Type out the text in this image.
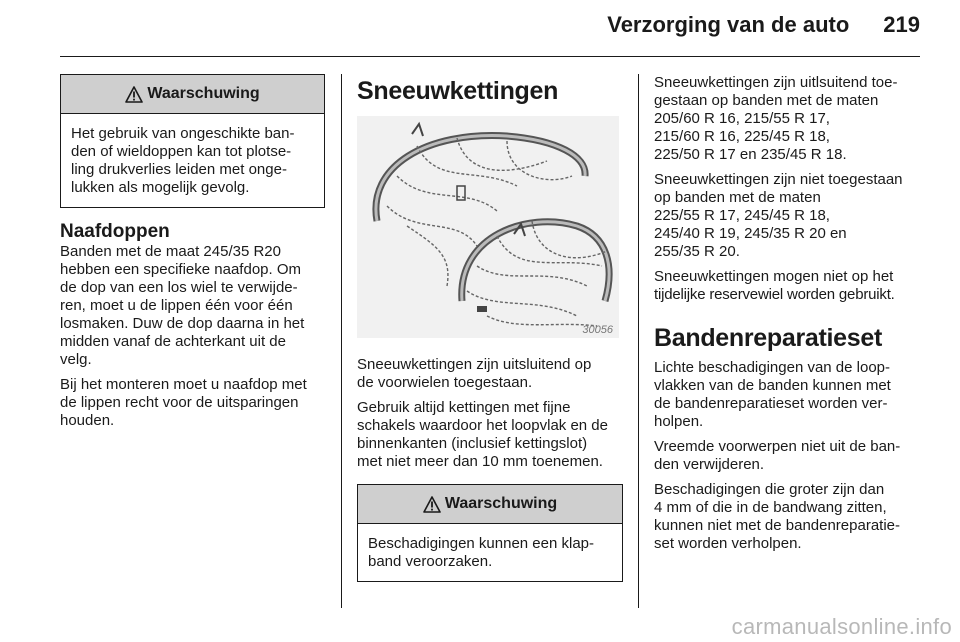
Verzorging van de auto 219
Waarschuwing
Het gebruik van ongeschikte ban-
den of wieldoppen kan tot plotse-
ling drukverlies leiden met onge-
lukken als mogelijk gevolg.
Naafdoppen

Banden met de maat 245/35 R20
hebben een specifieke naafdop. Om
de dop van een los wiel te verwijde-
ren, moet u de lippen één voor één
losmaken. Duw de dop daarna in het
midden vanaf de achterkant uit de
velg.

Bij het monteren moet u naafdop met
de lippen recht voor de uitsparingen
houden.

Sneeuwkettingen
30056

Sneeuwkettingen zijn uitsluitend op
de voorwielen toegestaan.

Gebruik altijd kettingen met fijne
schakels waardoor het loopvlak en de
binnenkanten (inclusief kettingslot)
met niet meer dan 10 mm toenemen.

Waarschuwing
Beschadigingen kunnen een klap-
band veroorzaken.

Sneeuwkettingen zijn uitlsuitend toe-
gestaan op banden met de maten
205/60 R 16, 215/55 R 17,
215/60 R 16, 225/45 R 18,
225/50 R 17 en 235/45 R 18.

Sneeuwkettingen zijn niet toegestaan
op banden met de maten
225/55 R 17, 245/45 R 18,
245/40 R 19, 245/35 R 20 en
255/35 R 20.

Sneeuwkettingen mogen niet op het
tijdelijke reservewiel worden gebruikt.

Bandenreparatieset

Lichte beschadigingen van de loop-
vlakken van de banden kunnen met
de bandenreparatieset worden ver-
holpen.

Vreemde voorwerpen niet uit de ban-
den verwijderen.

Beschadigingen die groter zijn dan
4 mm of die in de bandwang zitten,
kunnen niet met de bandenreparatie-
set worden verholpen.

carmanualsonline.info
